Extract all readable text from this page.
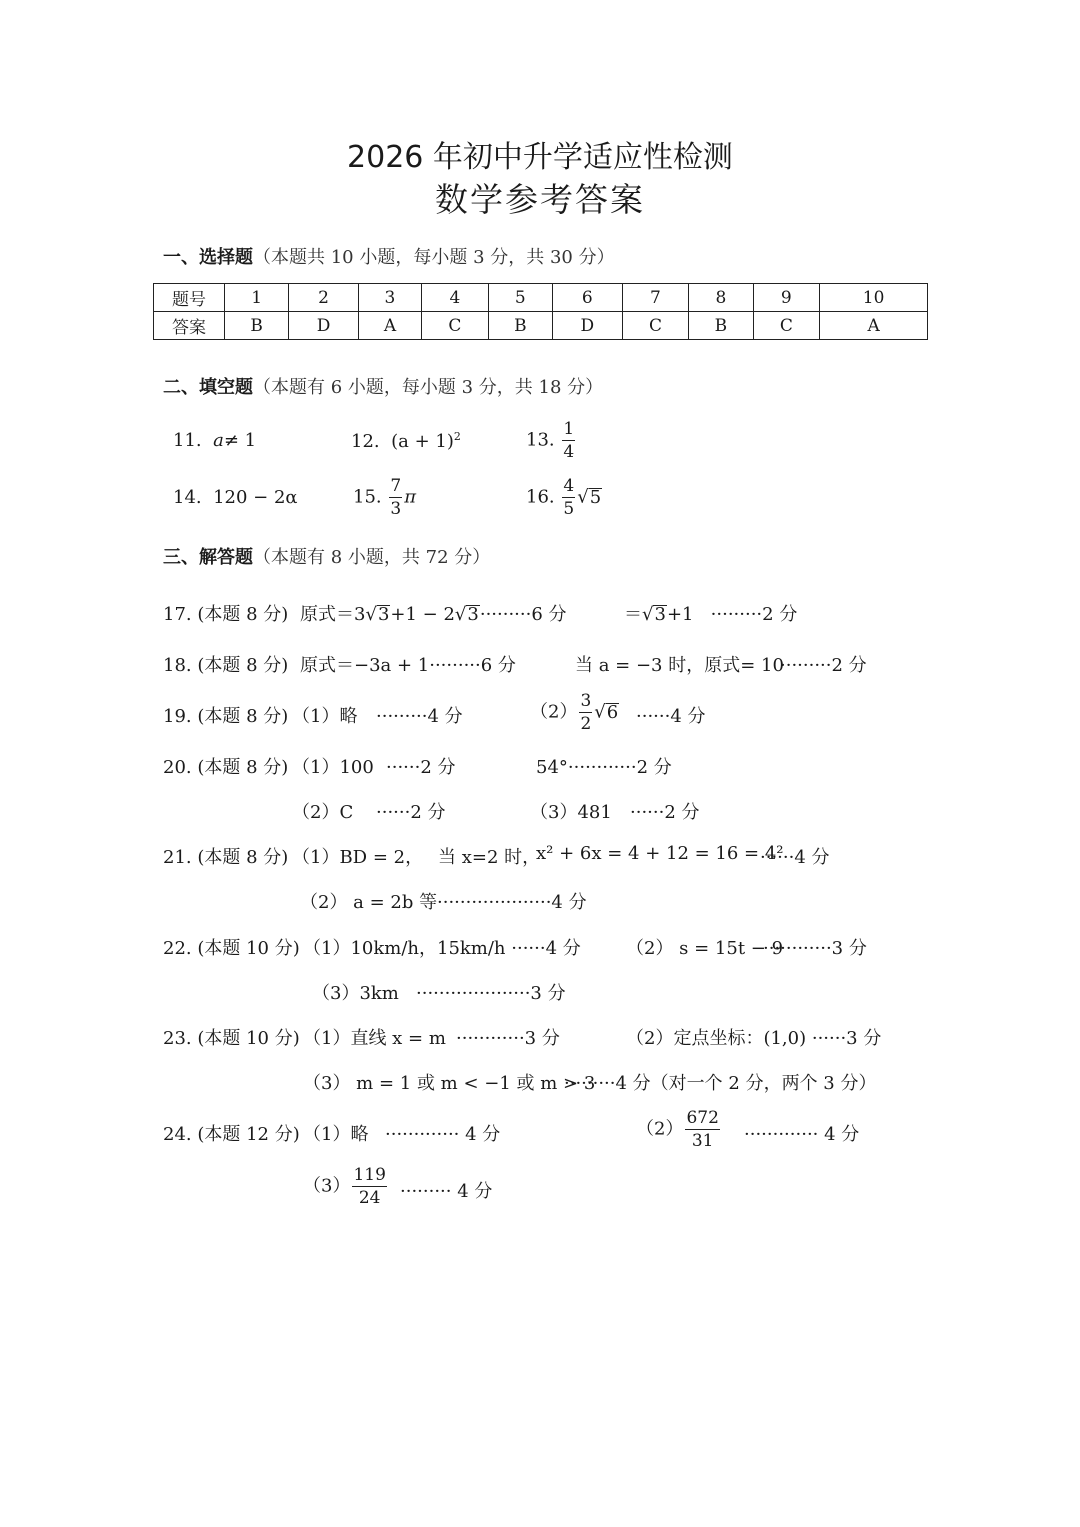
2026 年初中升学适应性检测
数学参考答案
一、选择题（本题共 10 小题，每小题 3 分，共 30 分）
题号	1	2	3	4	5	6	7	8	9	10
答案	B	D	A	C	B	D	C	B	C	A
二、填空题（本题有 6 小题，每小题 3 分，共 18 分）
11. a≠ 1	12. $(a + 1)^2$	13. $\frac{1}{4}$
14. 120 − 2α	15. $\frac{7}{3}$ π	16. $\frac{4}{5} √5$
三、解答题（本题有 8 小题，共 72 分）
17. (本题 8 分) 原式＝3√3+1 − 2√3·········6 分	＝√3+1 ·········2 分
18. (本题 8 分) 原式＝−3a + 1·········6 分	当 a = −3 时，原式= 10
·········2 分
19. (本题 8 分) （1）略 ·········4 分	$(2) \frac{3}{2} √6 \cdot\cdot\cdot\cdot\cdot\cdot 4$ 分
20. (本题 8 分) （1）100 ······2 分	54°············2 分
（2）C ······2 分	（3）481 ······2 分
21. (本题 8 分) （1）BD = 2， 当 x=2 时，
x² + 6x = 4 + 12 = 16 = 4²
······4 分
（2） a = 2b 等 ····················4 分
22. (本题 10 分) （1）10km/h，15km/h ······4 分	（2） s = 15t − 9
············3 分
（3）3km ····················3 分
23. (本题 10 分) （1）直线 x = m ············3 分	（2）定点坐标：(1,0) ······3 分
（3） m = 1 或 m < −1 或 m > 3
·········4 分（对一个 2 分，两个 3 分）
24. (本题 12 分) （1）略 ············· 4 分	$(2) \frac{672}{31}$ ············· 4 分
$(3) \frac{119}{24}$ ········· 4 分
